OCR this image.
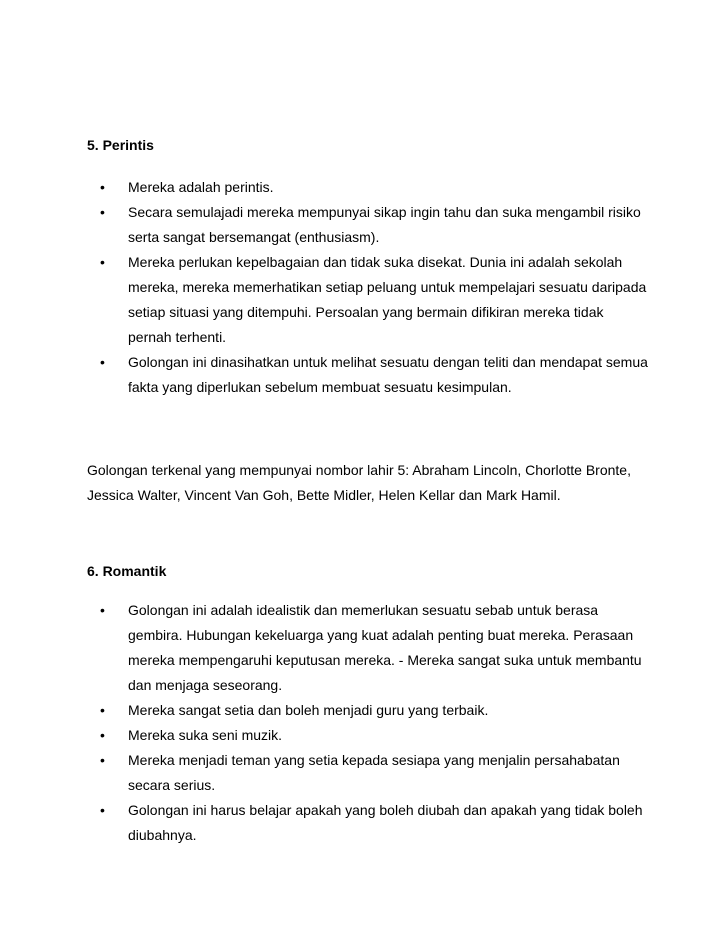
5. Perintis
• Mereka adalah perintis.
• Secara semulajadi mereka mempunyai sikap ingin tahu dan suka mengambil risiko serta sangat bersemangat (enthusiasm).
• Mereka perlukan kepelbagaian dan tidak suka disekat. Dunia ini adalah sekolah mereka, mereka memerhatikan setiap peluang untuk mempelajari sesuatu daripada setiap situasi yang ditempuhi. Persoalan yang bermain difikiran mereka tidak pernah terhenti.
• Golongan ini dinasihatkan untuk melihat sesuatu dengan teliti dan mendapat semua fakta yang diperlukan sebelum membuat sesuatu kesimpulan.

Golongan terkenal yang mempunyai nombor lahir 5: Abraham Lincoln, Chorlotte Bronte, Jessica Walter, Vincent Van Goh, Bette Midler, Helen Kellar dan Mark Hamil.

6. Romantik
• Golongan ini adalah idealistik dan memerlukan sesuatu sebab untuk berasa gembira. Hubungan kekeluarga yang kuat adalah penting buat mereka. Perasaan mereka mempengaruhi keputusan mereka. - Mereka sangat suka untuk membantu dan menjaga seseorang.
• Mereka sangat setia dan boleh menjadi guru yang terbaik.
• Mereka suka seni muzik.
• Mereka menjadi teman yang setia kepada sesiapa yang menjalin persahabatan secara serius.
• Golongan ini harus belajar apakah yang boleh diubah dan apakah yang tidak boleh diubahnya.
